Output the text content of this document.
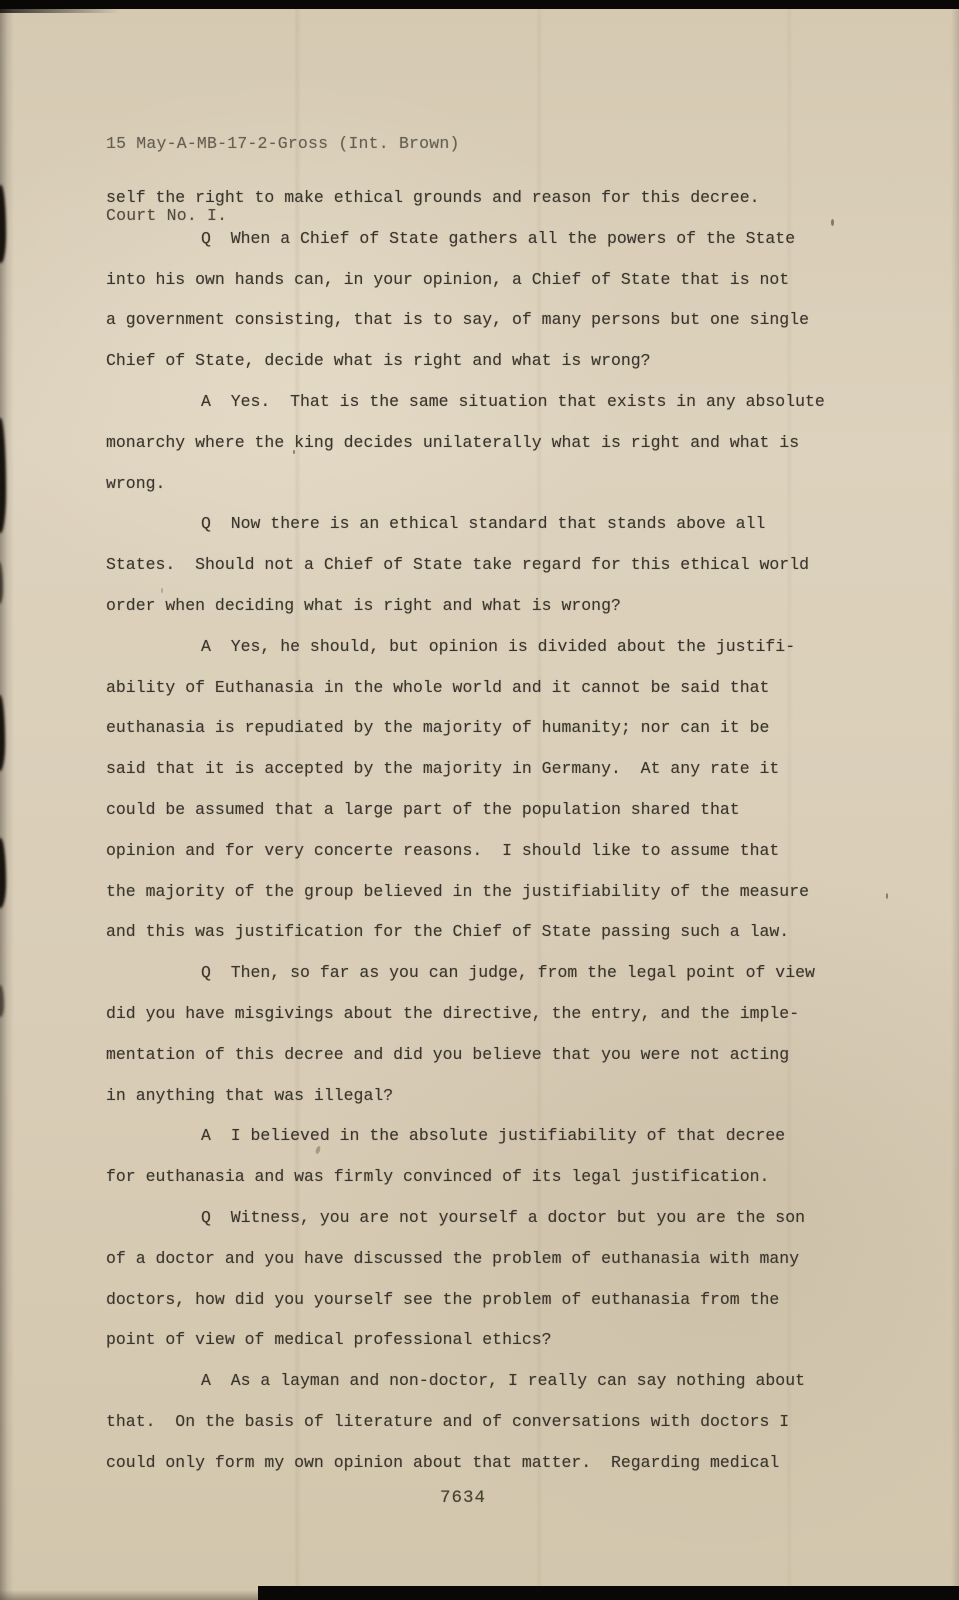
15 May-A-MB-17-2-Gross (Int. Brown)

Court No. I.

self the right to make ethical grounds and reason for this decree.
Q  When a Chief of State gathers all the powers of the State
into his own hands can, in your opinion, a Chief of State that is not
a government consisting, that is to say, of many persons but one single
Chief of State, decide what is right and what is wrong?
A  Yes.  That is the same situation that exists in any absolute
monarchy where the king decides unilaterally what is right and what is
wrong.
Q  Now there is an ethical standard that stands above all
States.  Should not a Chief of State take regard for this ethical world
order when deciding what is right and what is wrong?
A  Yes, he should, but opinion is divided about the justifi-
ability of Euthanasia in the whole world and it cannot be said that
euthanasia is repudiated by the majority of humanity; nor can it be
said that it is accepted by the majority in Germany.  At any rate it
could be assumed that a large part of the population shared that
opinion and for very concerte reasons.  I should like to assume that
the majority of the group believed in the justifiability of the measure
and this was justification for the Chief of State passing such a law.
Q  Then, so far as you can judge, from the legal point of view
did you have misgivings about the directive, the entry, and the imple-
mentation of this decree and did you believe that you were not acting
in anything that was illegal?
A  I believed in the absolute justifiability of that decree
for euthanasia and was firmly convinced of its legal justification.
Q  Witness, you are not yourself a doctor but you are the son
of a doctor and you have discussed the problem of euthanasia with many
doctors, how did you yourself see the problem of euthanasia from the
point of view of medical professional ethics?
A  As a layman and non-doctor, I really can say nothing about
that.  On the basis of literature and of conversations with doctors I
could only form my own opinion about that matter.  Regarding medical
7634
